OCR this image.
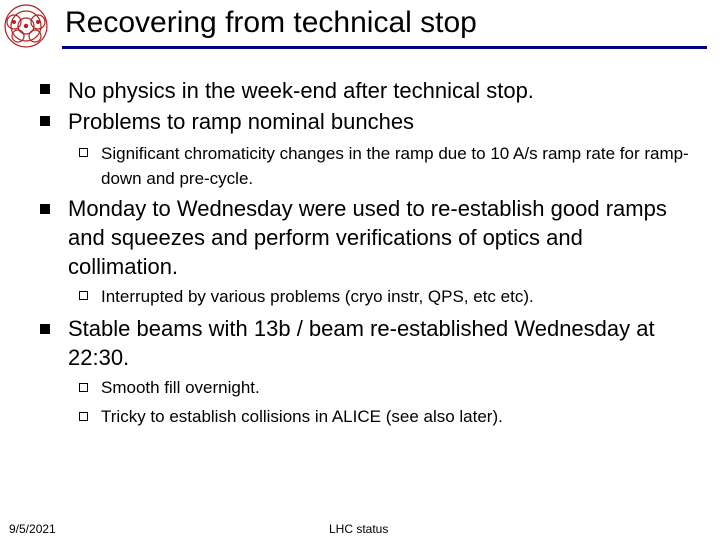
Recovering from technical stop
No physics in the week-end after technical stop.
Problems to ramp nominal bunches
Significant chromaticity changes in the ramp due to 10 A/s ramp rate for ramp-down and pre-cycle.
Monday to Wednesday were used to re-establish good ramps and squeezes and perform verifications of optics and collimation.
Interrupted by various problems (cryo instr, QPS, etc etc).
Stable beams with 13b / beam re-established Wednesday at 22:30.
Smooth fill overnight.
Tricky to establish collisions in ALICE (see also later).
9/5/2021	LHC status
